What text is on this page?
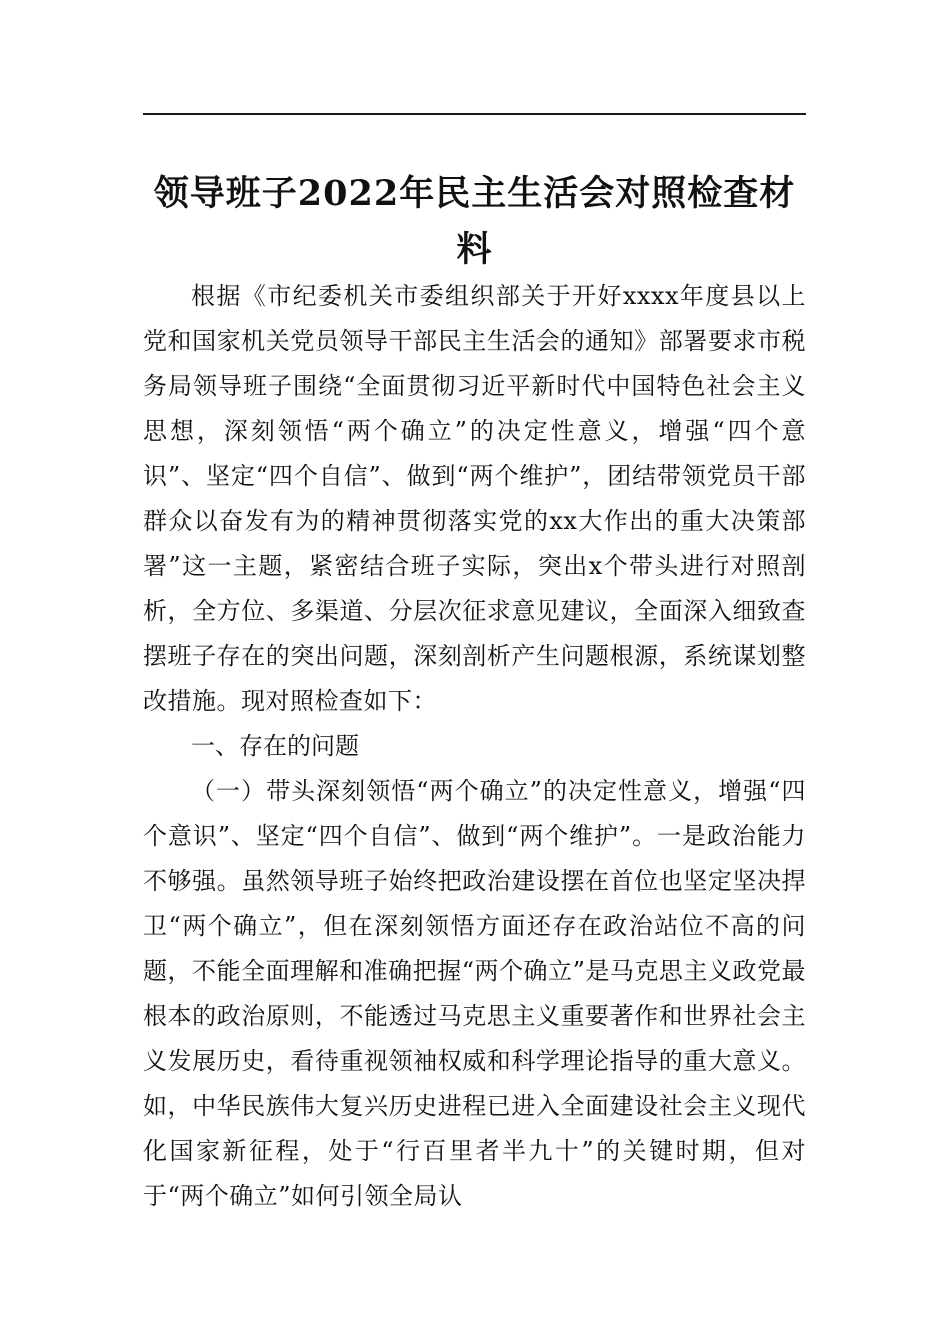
领导班子2022年民主生活会对照检查材料

根据《市纪委机关市委组织部关于开好xxxx年度县以上党和国家机关党员领导干部民主生活会的通知》部署要求市税务局领导班子围绕“全面贯彻习近平新时代中国特色社会主义思想，深刻领悟“两个确立”的决定性意义，增强“四个意识”、坚定“四个自信”、做到“两个维护”，团结带领党员干部群众以奋发有为的精神贯彻落实党的xx大作出的重大决策部署”这一主题，紧密结合班子实际，突出x个带头进行对照剖析，全方位、多渠道、分层次征求意见建议，全面深入细致查摆班子存在的突出问题，深刻剖析产生问题根源，系统谋划整改措施。现对照检查如下：

一、存在的问题

（一）带头深刻领悟“两个确立”的决定性意义，增强“四个意识”、坚定“四个自信”、做到“两个维护”。一是政治能力不够强。虽然领导班子始终把政治建设摆在首位也坚定坚决捍卫“两个确立”，但在深刻领悟方面还存在政治站位不高的问题，不能全面理解和准确把握“两个确立”是马克思主义政党最根本的政治原则，不能透过马克思主义重要著作和世界社会主义发展历史，看待重视领袖权威和科学理论指导的重大意义。如，中华民族伟大复兴历史进程已进入全面建设社会主义现代化国家新征程，处于“行百里者半九十”的关键时期，但对于“两个确立”如何引领全局认
